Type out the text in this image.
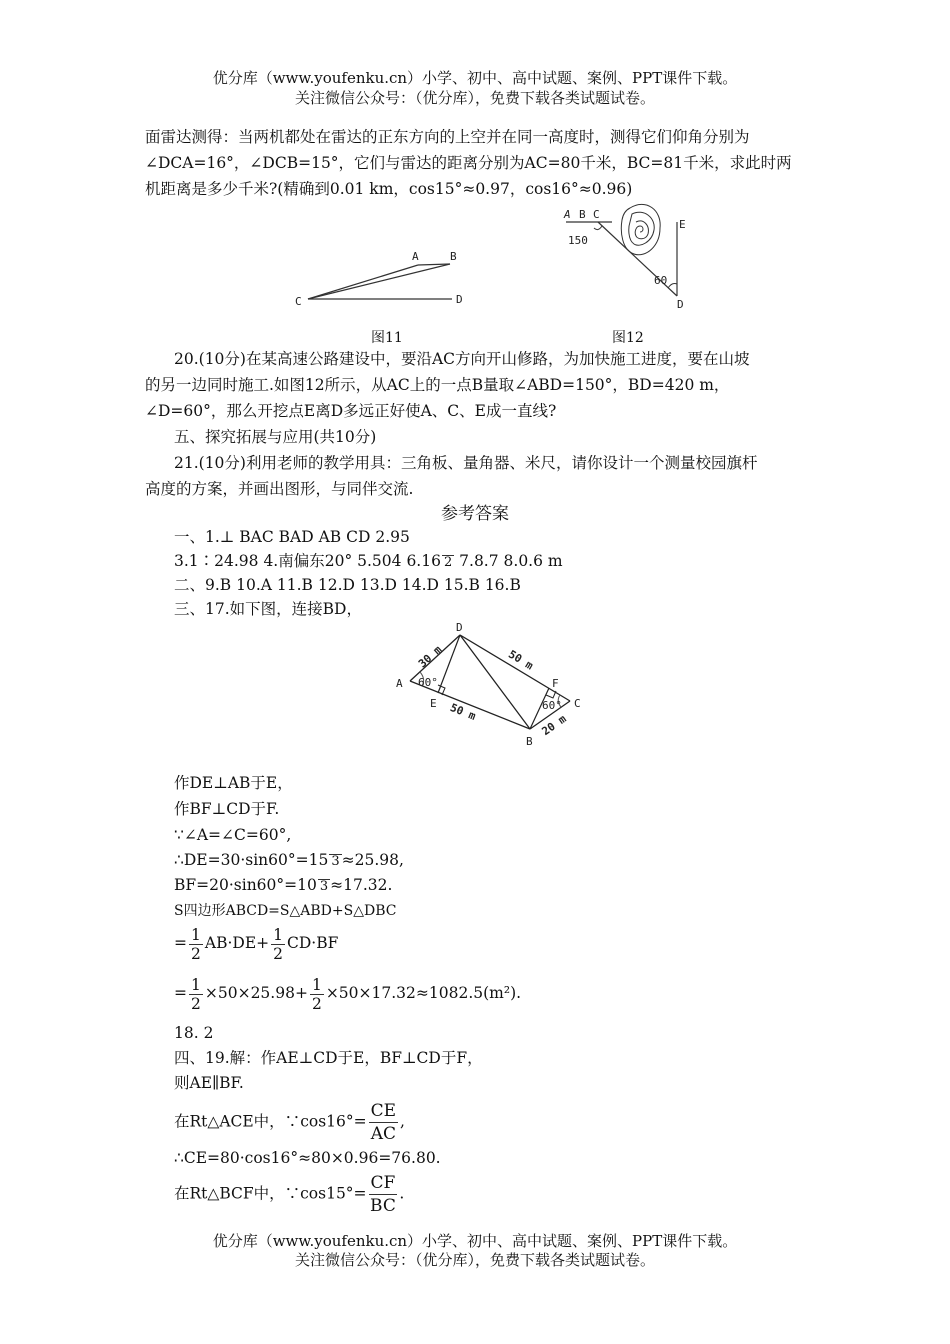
优分库（www.youfenku.cn）小学、初中、高中试题、案例、PPT课件下载。
关注微信公众号：（优分库），免费下载各类试题试卷。
面雷达测得：当两机都处在雷达的正东方向的上空并在同一高度时，测得它们仰角分别为
∠DCA=16°，∠DCB=15°，它们与雷达的距离分别为AC=80千米，BC=81千米，求此时两
机距离是多少千米?(精确到0.01 km，cos15°≈0.97，cos16°≈0.96)
A	B
C	D
图11
A B C
E
D
150
60
图12
20.(10分)在某高速公路建设中，要沿AC方向开山修路，为加快施工进度，要在山坡
的另一边同时施工.如图12所示，从AC上的一点B量取∠ABD=150°，BD=420 m，
∠D=60°，那么开挖点E离D多远正好使A、C、E成一直线?
五、探究拓展与应用(共10分)
21.(10分)利用老师的教学用具：三角板、量角器、米尺，请你设计一个测量校园旗杆
高度的方案，并画出图形，与同伴交流.
参考答案
一、1.⊥ BAC BAD AB CD 2.95
3.1∶24.98 4.南偏东20° 5.504 6.16 2 7.8.7 8.0.6 m
二、9.B 10.A 11.B 12.D 13.D 14.D 15.B 16.B
三、17.如下图，连接BD，
D
A
E
B
F
C
30 m	50 m
50 m
20 m
60°
60°
作DE⊥AB于E，
作BF⊥CD于F.
∵∠A=∠C=60°,
∴DE=30·sin60°=15 3 ≈25.98,
BF=20·sin60°=10 3 ≈17.32.
S四边形ABCD=S△ABD+S△DBC
= $\frac{1}{2} AB\cdot DE+ \frac{1}{2} CD\cdot BF$
= $\frac{1}{2} \times 50\times 25.98+ \frac{1}{2} \times 50\times 17.32\approx 1082.5(m^2)$.
18. 2
四、19.解：作AE⊥CD于E，BF⊥CD于F，
则AE∥BF.
在Rt△ACE中，∵cos16°= $\frac{CE}{AC}$ ,
∴CE=80·cos16°≈80×0.96=76.80.
在Rt△BCF中，∵cos15°= $\frac{CF}{BC}$ .
优分库（www.youfenku.cn）小学、初中、高中试题、案例、PPT课件下载。
关注微信公众号：（优分库），免费下载各类试题试卷。
